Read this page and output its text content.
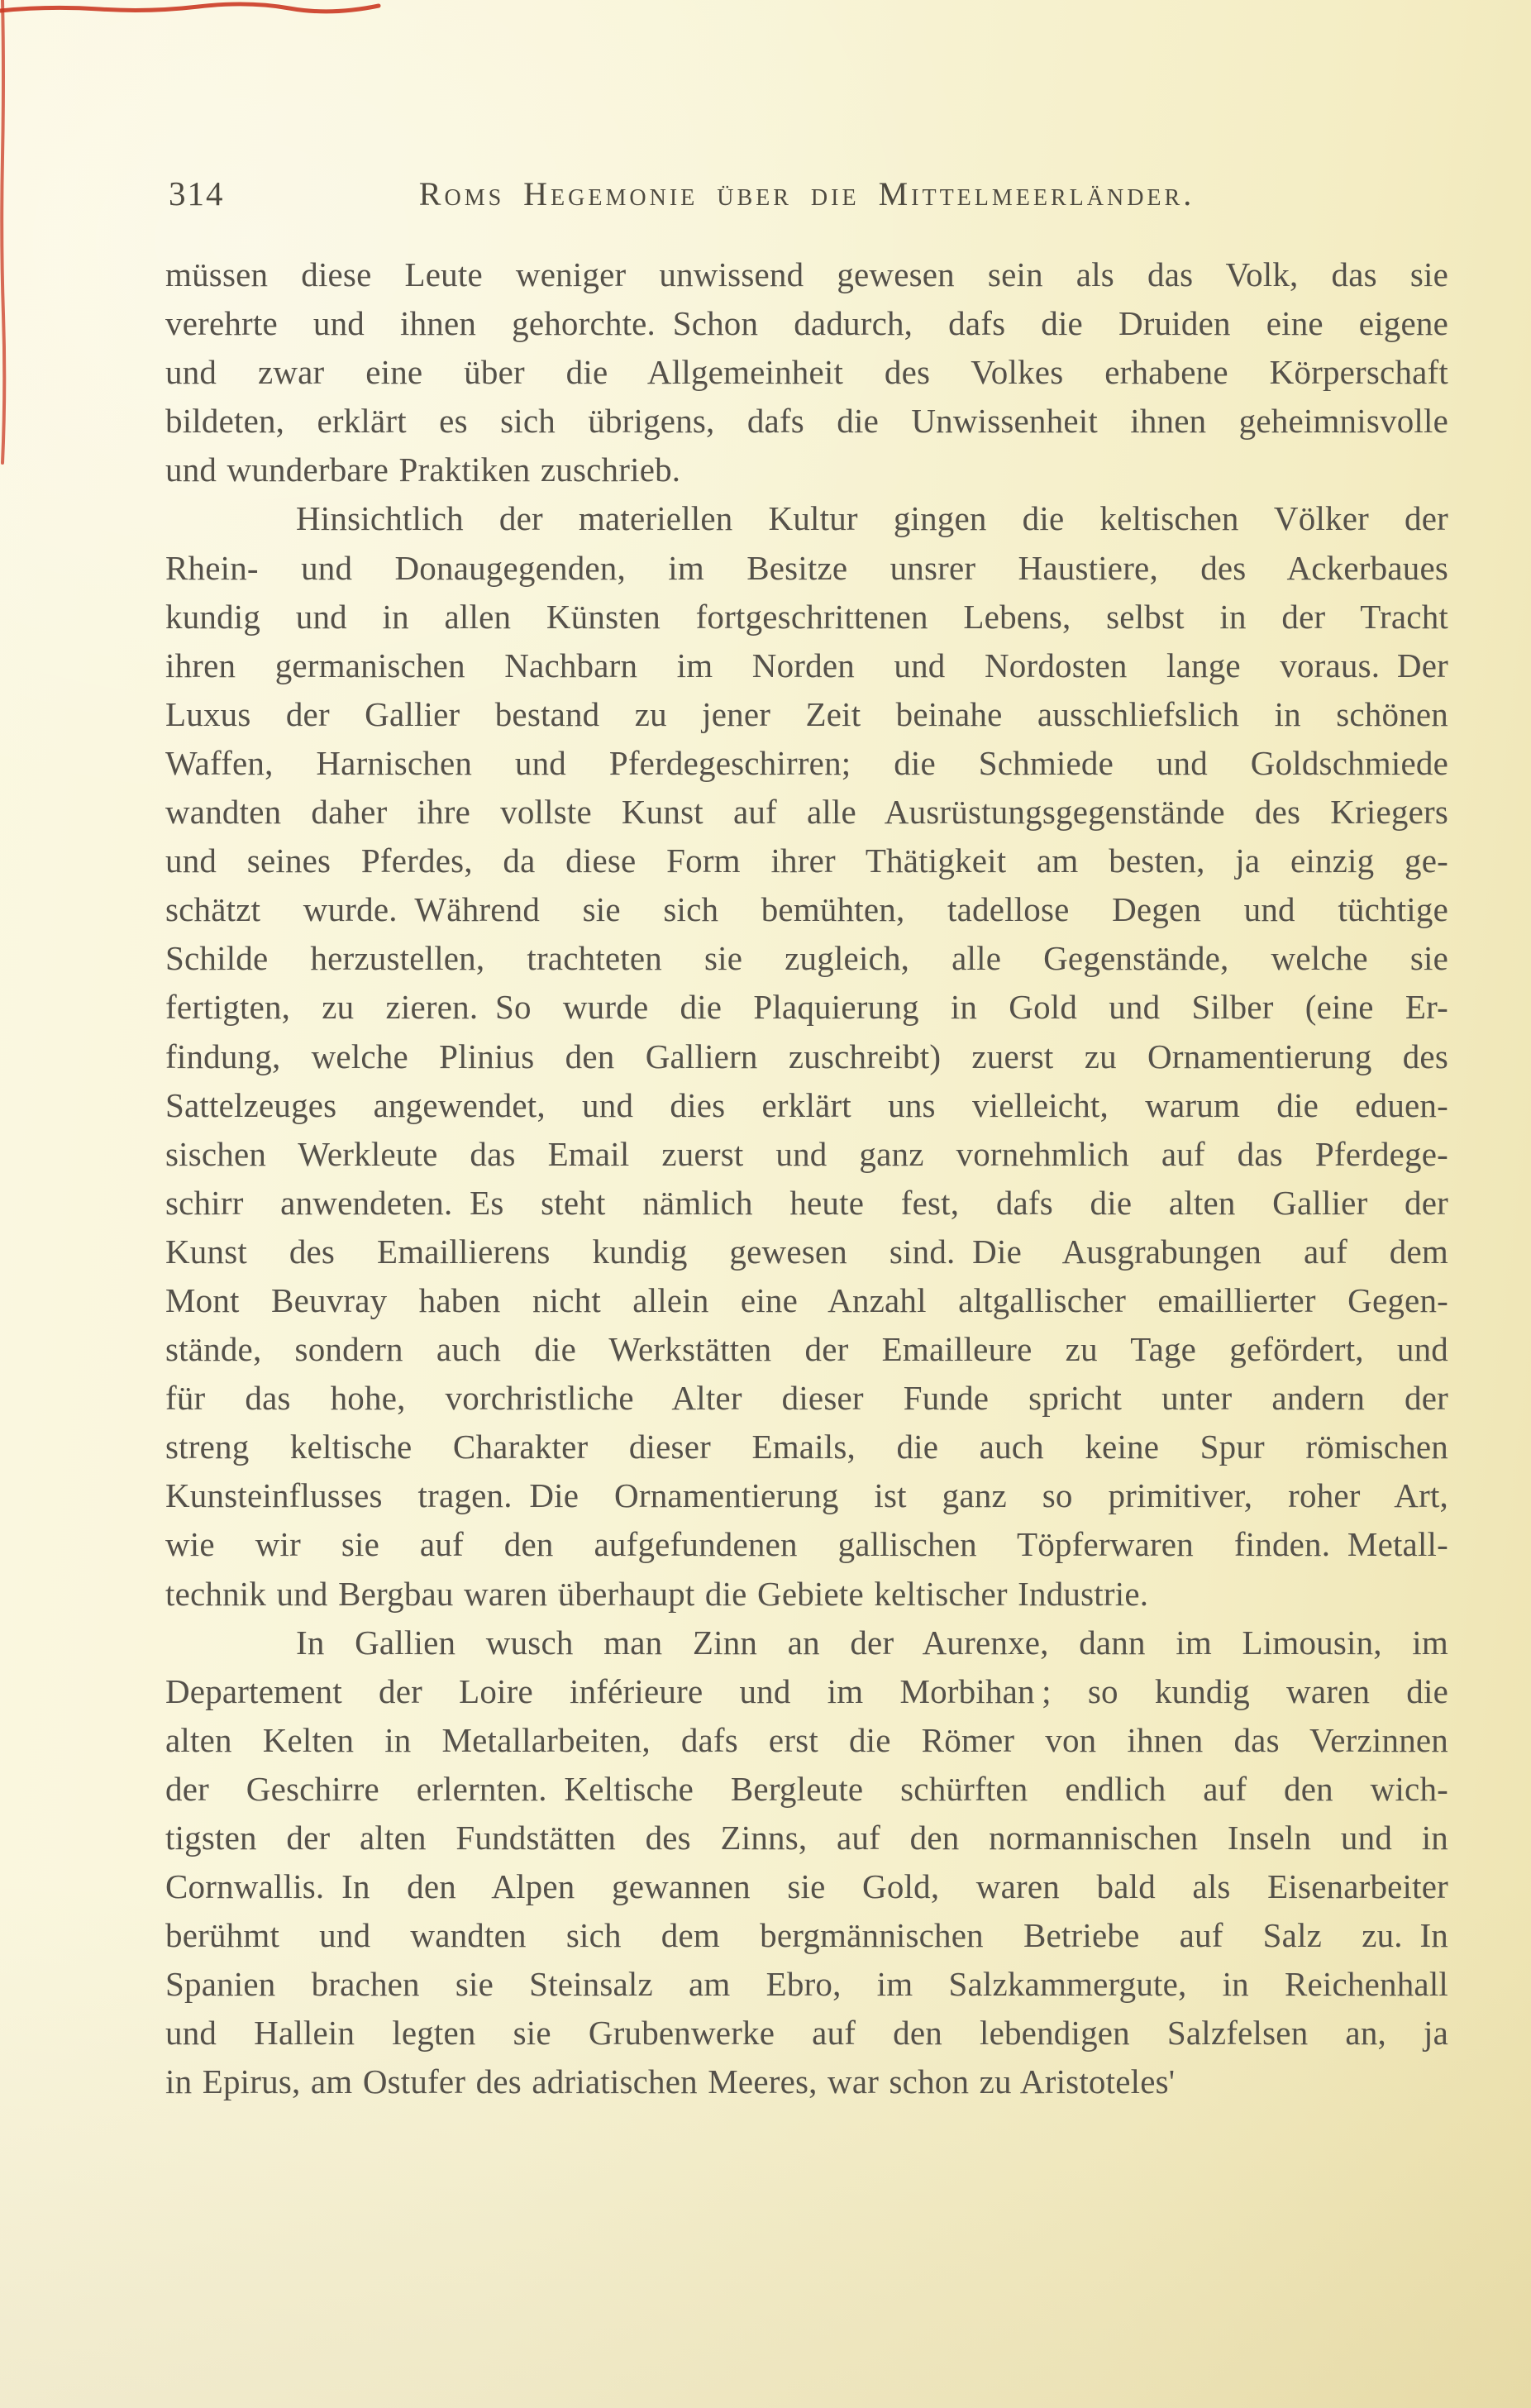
314	Roms Hegemonie über die Mittelmeerländer.
müssen diese Leute weniger unwissend gewesen sein als das Volk, das sie
verehrte und ihnen gehorchte. Schon dadurch, dafs die Druiden eine eigene
und zwar eine über die Allgemeinheit des Volkes erhabene Körperschaft
bildeten, erklärt es sich übrigens, dafs die Unwissenheit ihnen geheimnisvolle
und wunderbare Praktiken zuschrieb.
Hinsichtlich der materiellen Kultur gingen die keltischen Völker der
Rhein- und Donaugegenden, im Besitze unsrer Haustiere, des Ackerbaues
kundig und in allen Künsten fortgeschrittenen Lebens, selbst in der Tracht
ihren germanischen Nachbarn im Norden und Nordosten lange voraus. Der
Luxus der Gallier bestand zu jener Zeit beinahe ausschliefslich in schönen
Waffen, Harnischen und Pferdegeschirren; die Schmiede und Goldschmiede
wandten daher ihre vollste Kunst auf alle Ausrüstungsgegenstände des Kriegers
und seines Pferdes, da diese Form ihrer Thätigkeit am besten, ja einzig ge-
schätzt wurde. Während sie sich bemühten, tadellose Degen und tüchtige
Schilde herzustellen, trachteten sie zugleich, alle Gegenstände, welche sie
fertigten, zu zieren. So wurde die Plaquierung in Gold und Silber (eine Er-
findung, welche Plinius den Galliern zuschreibt) zuerst zu Ornamentierung des
Sattelzeuges angewendet, und dies erklärt uns vielleicht, warum die eduen-
sischen Werkleute das Email zuerst und ganz vornehmlich auf das Pferdege-
schirr anwendeten. Es steht nämlich heute fest, dafs die alten Gallier der
Kunst des Emaillierens kundig gewesen sind. Die Ausgrabungen auf dem
Mont Beuvray haben nicht allein eine Anzahl altgallischer emaillierter Gegen-
stände, sondern auch die Werkstätten der Emailleure zu Tage gefördert, und
für das hohe, vorchristliche Alter dieser Funde spricht unter andern der
streng keltische Charakter dieser Emails, die auch keine Spur römischen
Kunsteinflusses tragen. Die Ornamentierung ist ganz so primitiver, roher Art,
wie wir sie auf den aufgefundenen gallischen Töpferwaren finden. Metall-
technik und Bergbau waren überhaupt die Gebiete keltischer Industrie.
In Gallien wusch man Zinn an der Aurenxe, dann im Limousin, im
Departement der Loire inférieure und im Morbihan ; so kundig waren die
alten Kelten in Metallarbeiten, dafs erst die Römer von ihnen das Verzinnen
der Geschirre erlernten. Keltische Bergleute schürften endlich auf den wich-
tigsten der alten Fundstätten des Zinns, auf den normannischen Inseln und in
Cornwallis. In den Alpen gewannen sie Gold, waren bald als Eisenarbeiter
berühmt und wandten sich dem bergmännischen Betriebe auf Salz zu. In
Spanien brachen sie Steinsalz am Ebro, im Salzkammergute, in Reichenhall
und Hallein legten sie Grubenwerke auf den lebendigen Salzfelsen an, ja
in Epirus, am Ostufer des adriatischen Meeres, war schon zu Aristoteles'
